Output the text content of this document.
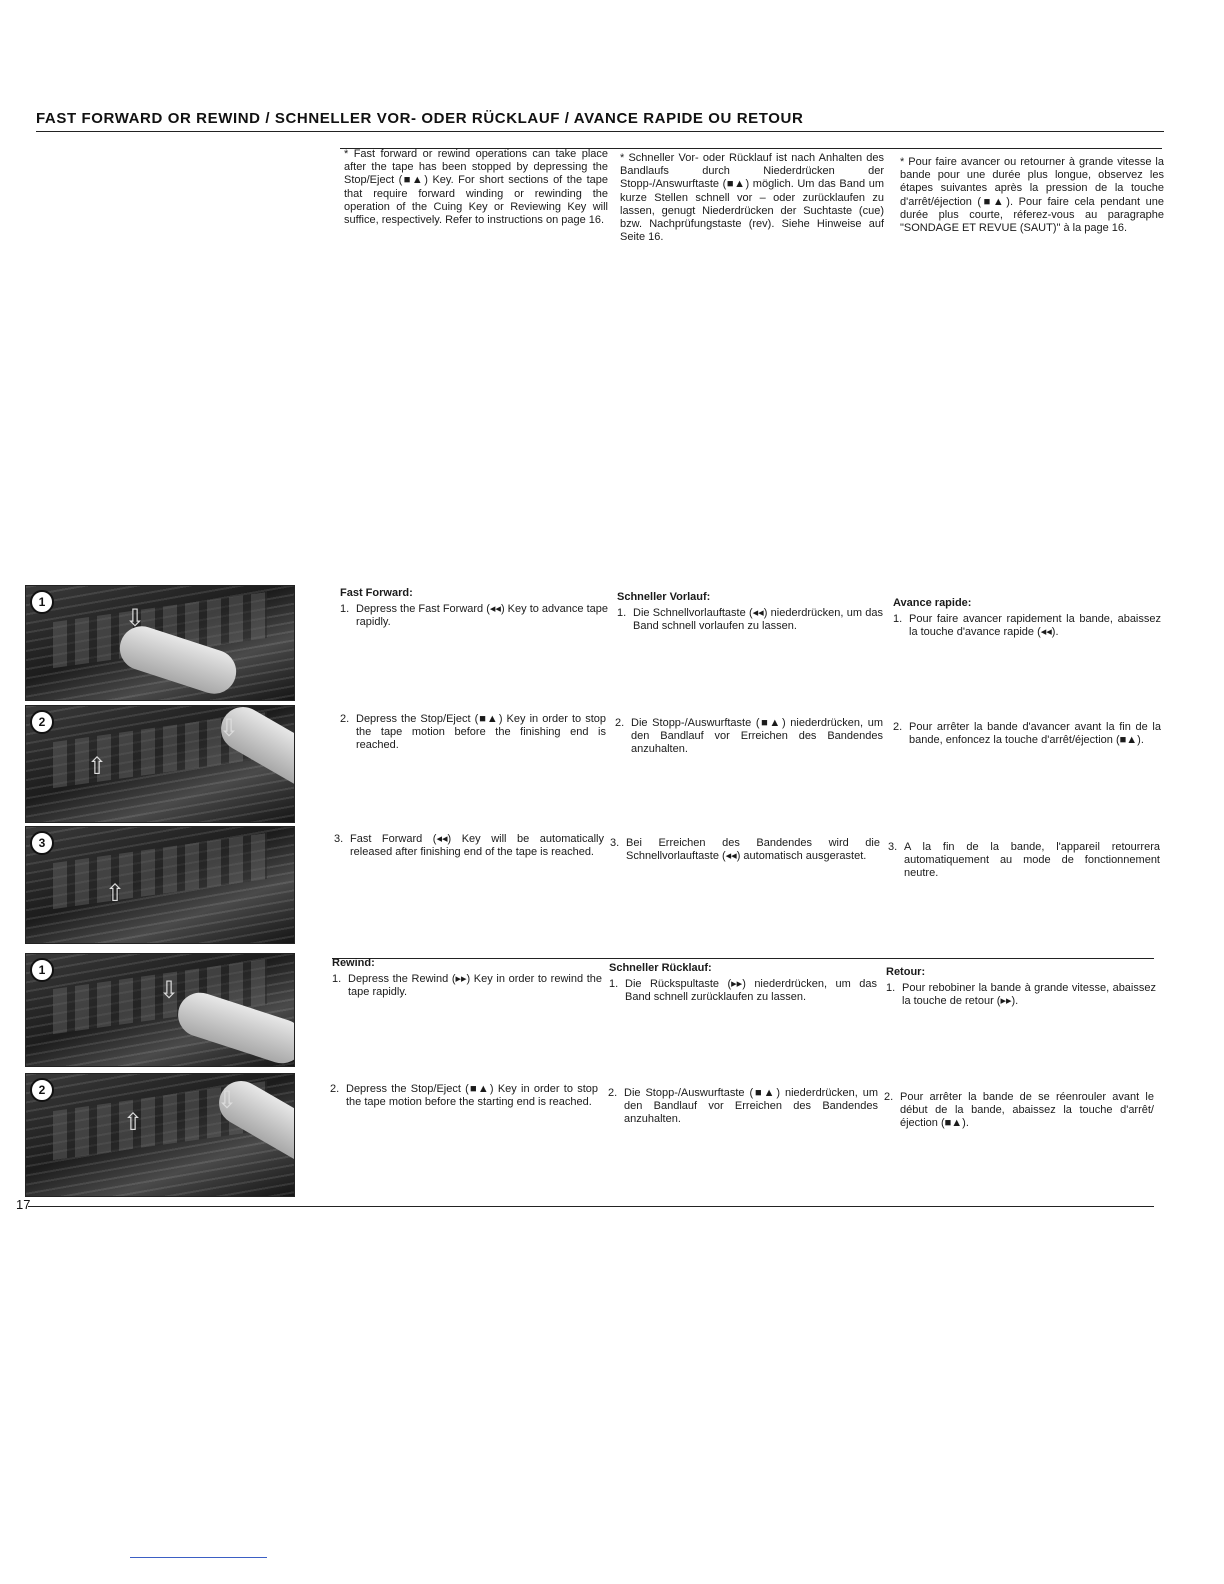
FAST FORWARD OR REWIND / SCHNELLER VOR- ODER RÜCKLAUF / AVANCE RAPIDE OU RETOUR
* Fast forward or rewind operations can take place after the tape has been stopped by depressing the Stop/Eject (■▲) Key. For short sections of the tape that require forward winding or rewinding the operation of the Cuing Key or Reviewing Key will suffice, respectively. Refer to instructions on page 16.
* Schneller Vor- oder Rücklauf ist nach Anhalten des Bandlaufs durch Niederdrücken der Stopp-/Answurftaste (■▲) möglich. Um das Band um kurze Stellen schnell vor – oder zurücklaufen zu lassen, genugt Niederdrücken der Suchtaste (cue) bzw. Nachprüfungstaste (rev). Siehe Hinweise auf Seite 16.
* Pour faire avancer ou retourner à grande vitesse la bande pour une durée plus longue, observez les étapes suivantes après la pression de la touche d'arrêt/éjection (■▲). Pour faire cela pendant une durée plus courte, réferez-vous au paragraphe "SONDAGE ET REVUE (SAUT)" à la page 16.
⇩
1
⇧
⇩
2
⇧
3
⇩
1
⇧
⇩
2
Fast Forward:
1. Depress the Fast Forward (◂◂) Key to advance tape rapidly.
Schneller Vorlauf:
1. Die Schnellvorlauftaste (◂◂) niederdrücken, um das Band schnell vorlaufen zu lassen.
Avance rapide:
1. Pour faire avancer rapidement la bande, abaissez la touche d'avance rapide (◂◂).
2. Depress the Stop/Eject (■▲) Key in order to stop the tape motion before the finishing end is reached.
2. Die Stopp-/Auswurftaste (■▲) niederdrücken, um den Bandlauf vor Erreichen des Bandendes anzuhalten.
2. Pour arrêter la bande d'avancer avant la fin de la bande, enfoncez la touche d'arrêt/éjection (■▲).
3. Fast Forward (◂◂) Key will be automatically released after finishing end of the tape is reached.
3. Bei Erreichen des Bandendes wird die Schnellvorlauftaste (◂◂) automatisch ausgerastet.
3. A la fin de la bande, l'appareil retourrera automatiquement au mode de fonctionnement neutre.
Rewind:
1. Depress the Rewind (▸▸) Key in order to rewind the tape rapidly.
Schneller Rücklauf:
1. Die Rückspultaste (▸▸) niederdrücken, um das Band schnell zurücklaufen zu lassen.
Retour:
1. Pour rebobiner la bande à grande vitesse, abaissez la touche de retour (▸▸).
2. Depress the Stop/Eject (■▲) Key in order to stop the tape motion before the starting end is reached.
2. Die Stopp-/Auswurftaste (■▲) niederdrücken, um den Bandlauf vor Erreichen des Bandendes anzuhalten.
2. Pour arrêter la bande de se réenrouler avant le début de la bande, abaissez la touche d'arrêt/éjection (■▲).
17
